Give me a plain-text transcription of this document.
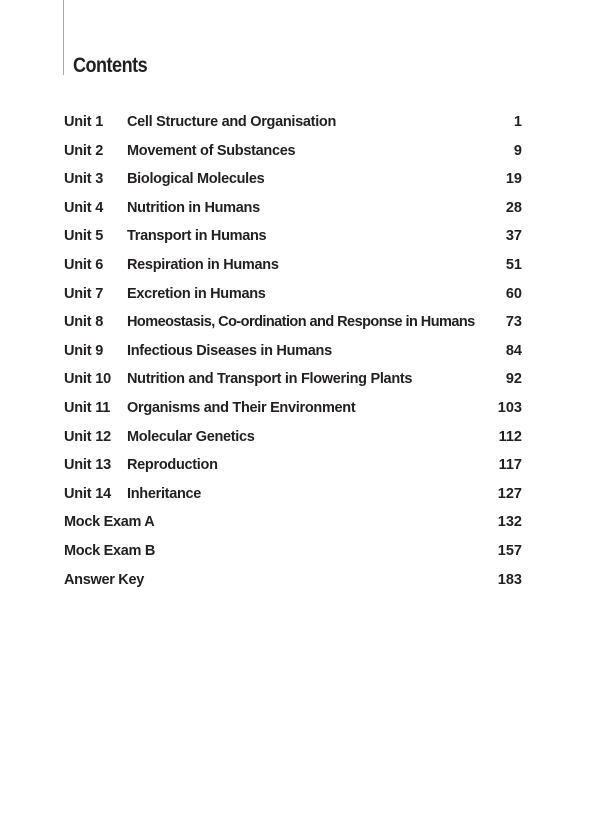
Contents
Unit 1	Cell Structure and Organisation	1
Unit 2	Movement of Substances	9
Unit 3	Biological Molecules	19
Unit 4	Nutrition in Humans	28
Unit 5	Transport in Humans	37
Unit 6	Respiration in Humans	51
Unit 7	Excretion in Humans	60
Unit 8	Homeostasis, Co-ordination and Response in Humans	73
Unit 9	Infectious Diseases in Humans	84
Unit 10	Nutrition and Transport in Flowering Plants	92
Unit 11	Organisms and Their Environment	103
Unit 12	Molecular Genetics	112
Unit 13	Reproduction	117
Unit 14	Inheritance	127
Mock Exam A	132
Mock Exam B	157
Answer Key	183
